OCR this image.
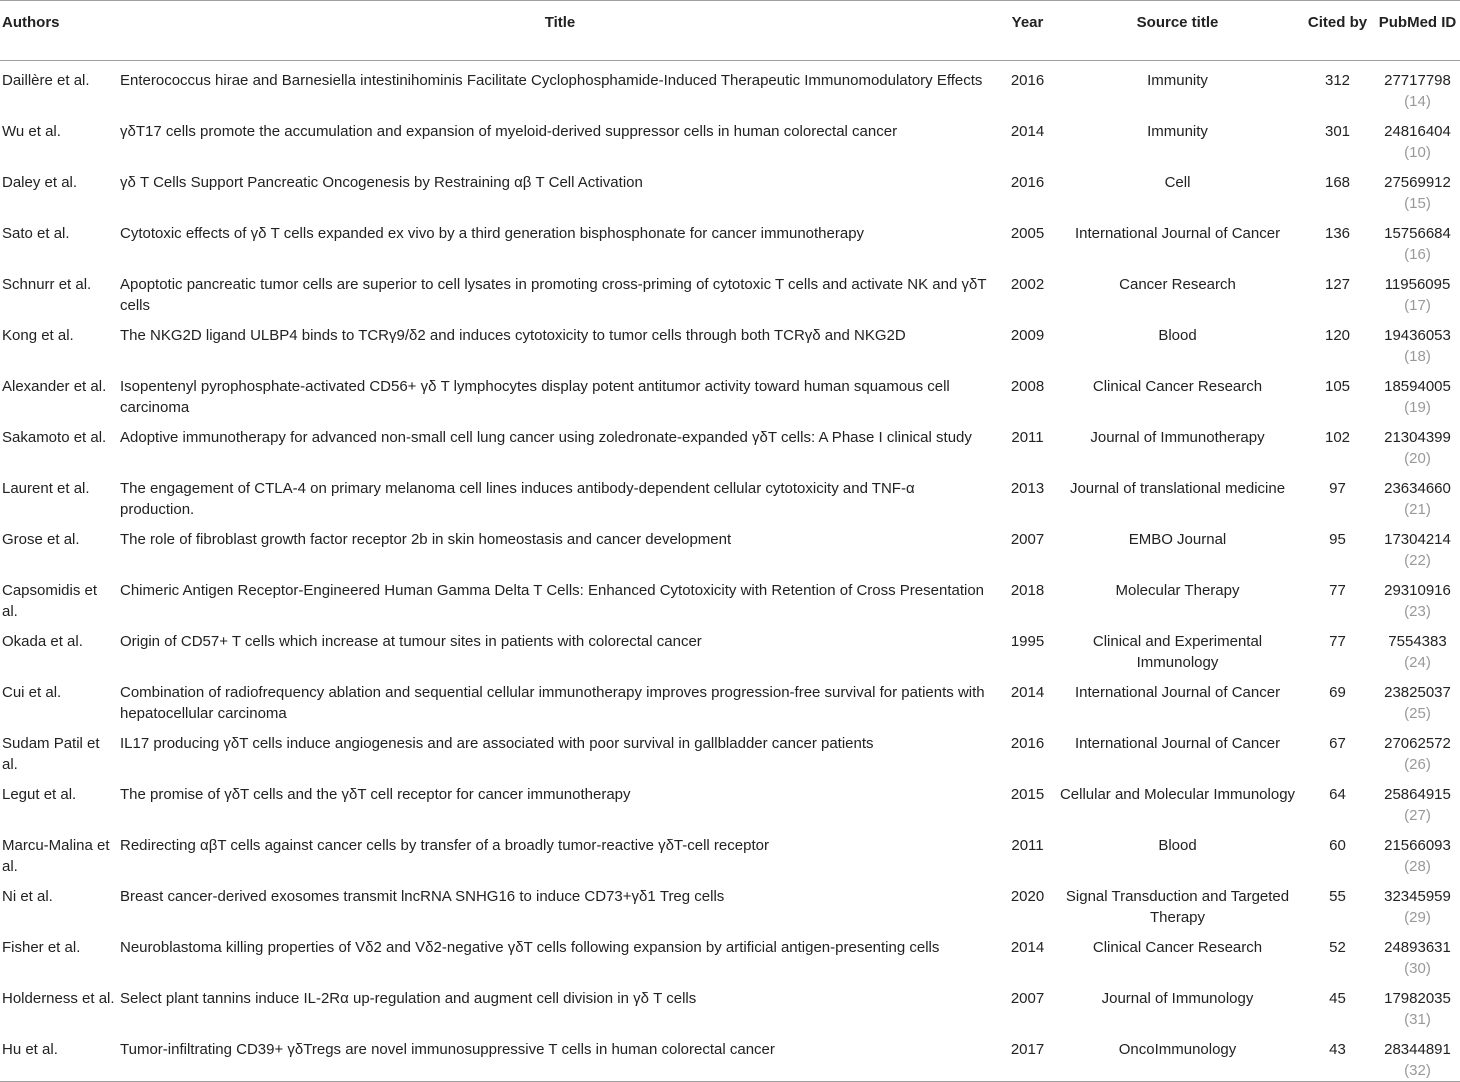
Authors	Title	Year	Source title	Cited by	PubMed ID
Daillère et al.	Enterococcus hirae and Barnesiella intestinihominis Facilitate Cyclophosphamide-Induced Therapeutic Immunomodulatory Effects	2016	Immunity	312	27717798
(14)

Wu et al.	γδT17 cells promote the accumulation and expansion of myeloid-derived suppressor cells in human colorectal cancer	2014	Immunity	301	24816404
(10)

Daley et al.	γδ T Cells Support Pancreatic Oncogenesis by Restraining αβ T Cell Activation	2016	Cell	168	27569912
(15)

Sato et al.	Cytotoxic effects of γδ T cells expanded ex vivo by a third generation bisphosphonate for cancer immunotherapy	2005	International Journal of Cancer	136	15756684
(16)

Schnurr et al.	Apoptotic pancreatic tumor cells are superior to cell lysates in promoting cross-priming of cytotoxic T cells and activate NK and γδT cells	2002	Cancer Research	127	11956095
(17)

Kong et al.	The NKG2D ligand ULBP4 binds to TCRγ9/δ2 and induces cytotoxicity to tumor cells through both TCRγδ and NKG2D	2009	Blood	120	19436053
(18)

Alexander et al.	Isopentenyl pyrophosphate-activated CD56+ γδ T lymphocytes display potent antitumor activity toward human squamous cell carcinoma	2008	Clinical Cancer Research	105	18594005
(19)

Sakamoto et al.	Adoptive immunotherapy for advanced non-small cell lung cancer using zoledronate-expanded γδT cells: A Phase I clinical study	2011	Journal of Immunotherapy	102	21304399
(20)

Laurent et al.	The engagement of CTLA-4 on primary melanoma cell lines induces antibody-dependent cellular cytotoxicity and TNF-α production.	2013	Journal of translational medicine	97	23634660
(21)

Grose et al.	The role of fibroblast growth factor receptor 2b in skin homeostasis and cancer development	2007	EMBO Journal	95	17304214
(22)

Capsomidis et al.	Chimeric Antigen Receptor-Engineered Human Gamma Delta T Cells: Enhanced Cytotoxicity with Retention of Cross Presentation	2018	Molecular Therapy	77	29310916
(23)

Okada et al.	Origin of CD57+ T cells which increase at tumour sites in patients with colorectal cancer	1995	Clinical and Experimental Immunology	77	7554383
(24)

Cui et al.	Combination of radiofrequency ablation and sequential cellular immunotherapy improves progression-free survival for patients with hepatocellular carcinoma	2014	International Journal of Cancer	69	23825037
(25)

Sudam Patil et al.	IL17 producing γδT cells induce angiogenesis and are associated with poor survival in gallbladder cancer patients	2016	International Journal of Cancer	67	27062572
(26)

Legut et al.	The promise of γδT cells and the γδT cell receptor for cancer immunotherapy	2015	Cellular and Molecular Immunology	64	25864915
(27)

Marcu-Malina et al.	Redirecting αβT cells against cancer cells by transfer of a broadly tumor-reactive γδT-cell receptor	2011	Blood	60	21566093
(28)

Ni et al.	Breast cancer-derived exosomes transmit lncRNA SNHG16 to induce CD73+γδ1 Treg cells	2020	Signal Transduction and Targeted Therapy	55	32345959
(29)

Fisher et al.	Neuroblastoma killing properties of Vδ2 and Vδ2-negative γδT cells following expansion by artificial antigen-presenting cells	2014	Clinical Cancer Research	52	24893631
(30)

Holderness et al.	Select plant tannins induce IL-2Rα up-regulation and augment cell division in γδ T cells	2007	Journal of Immunology	45	17982035
(31)

Hu et al.	Tumor-infiltrating CD39+ γδTregs are novel immunosuppressive T cells in human colorectal cancer	2017	OncoImmunology	43	28344891
(32)
